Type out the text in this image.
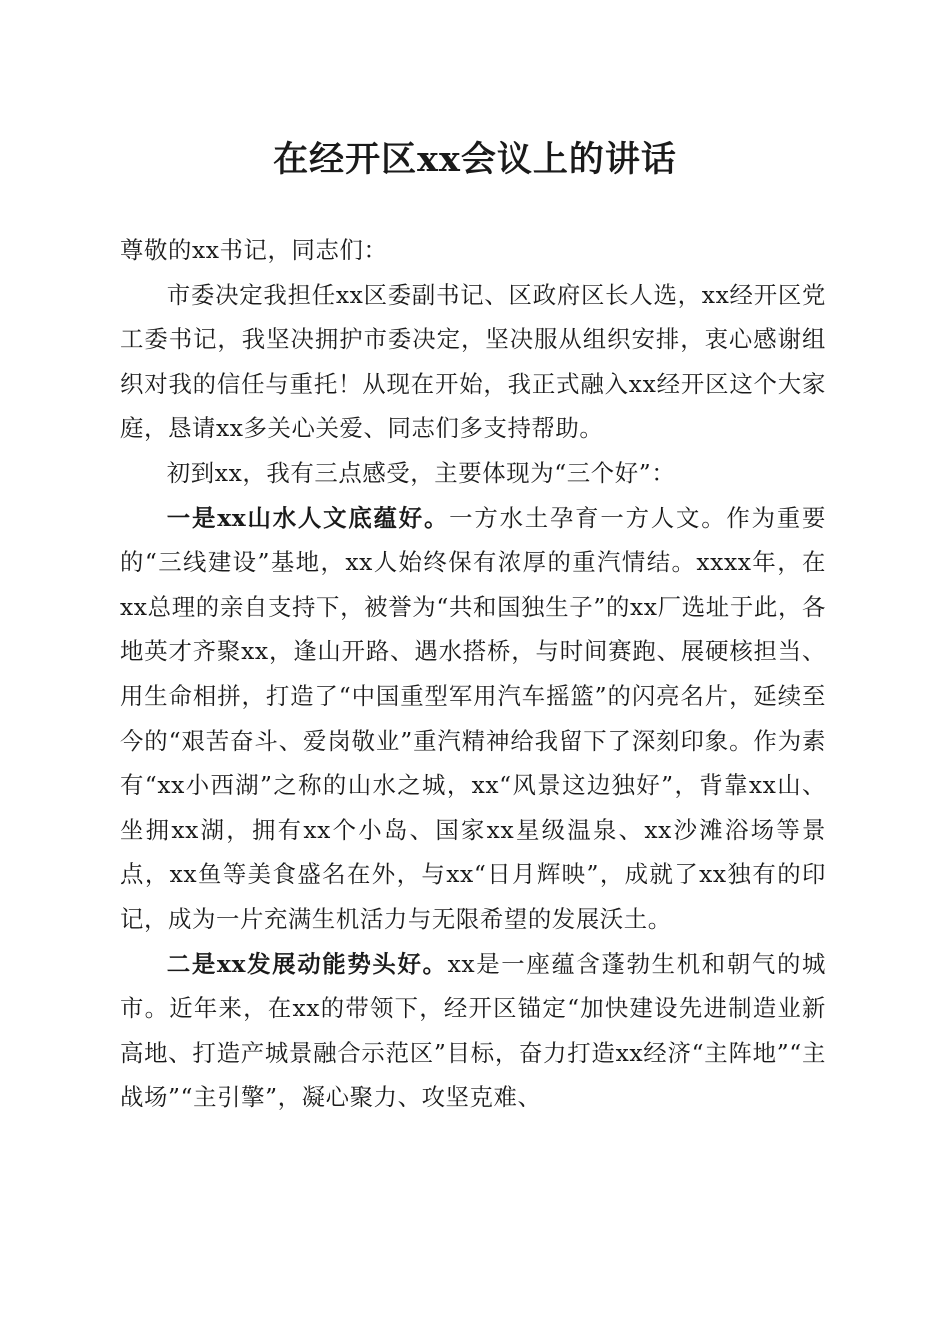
在经开区xx会议上的讲话

尊敬的xx书记，同志们：

市委决定我担任xx区委副书记、区政府区长人选，xx经开区党工委书记，我坚决拥护市委决定，坚决服从组织安排，衷心感谢组织对我的信任与重托！从现在开始，我正式融入xx经开区这个大家庭，恳请xx多关心关爱、同志们多支持帮助。

初到xx，我有三点感受，主要体现为“三个好”：

一是xx山水人文底蕴好。一方水土孕育一方人文。作为重要的“三线建设”基地，xx人始终保有浓厚的重汽情结。xxxx年，在xx总理的亲自支持下，被誉为“共和国独生子”的xx厂选址于此，各地英才齐聚xx，逢山开路、遇水搭桥，与时间赛跑、展硬核担当、用生命相拼，打造了“中国重型军用汽车摇篮”的闪亮名片，延续至今的“艰苦奋斗、爱岗敬业”重汽精神给我留下了深刻印象。作为素有“xx小西湖”之称的山水之城，xx“风景这边独好”，背靠xx山、坐拥xx湖，拥有xx个小岛、国家xx星级温泉、xx沙滩浴场等景点，xx鱼等美食盛名在外，与xx“日月辉映”，成就了xx独有的印记，成为一片充满生机活力与无限希望的发展沃土。

二是xx发展动能势头好。xx是一座蕴含蓬勃生机和朝气的城市。近年来，在xx的带领下，经开区锚定“加快建设先进制造业新高地、打造产城景融合示范区”目标，奋力打造xx经济“主阵地”“主战场”“主引擎”，凝心聚力、攻坚克难、
